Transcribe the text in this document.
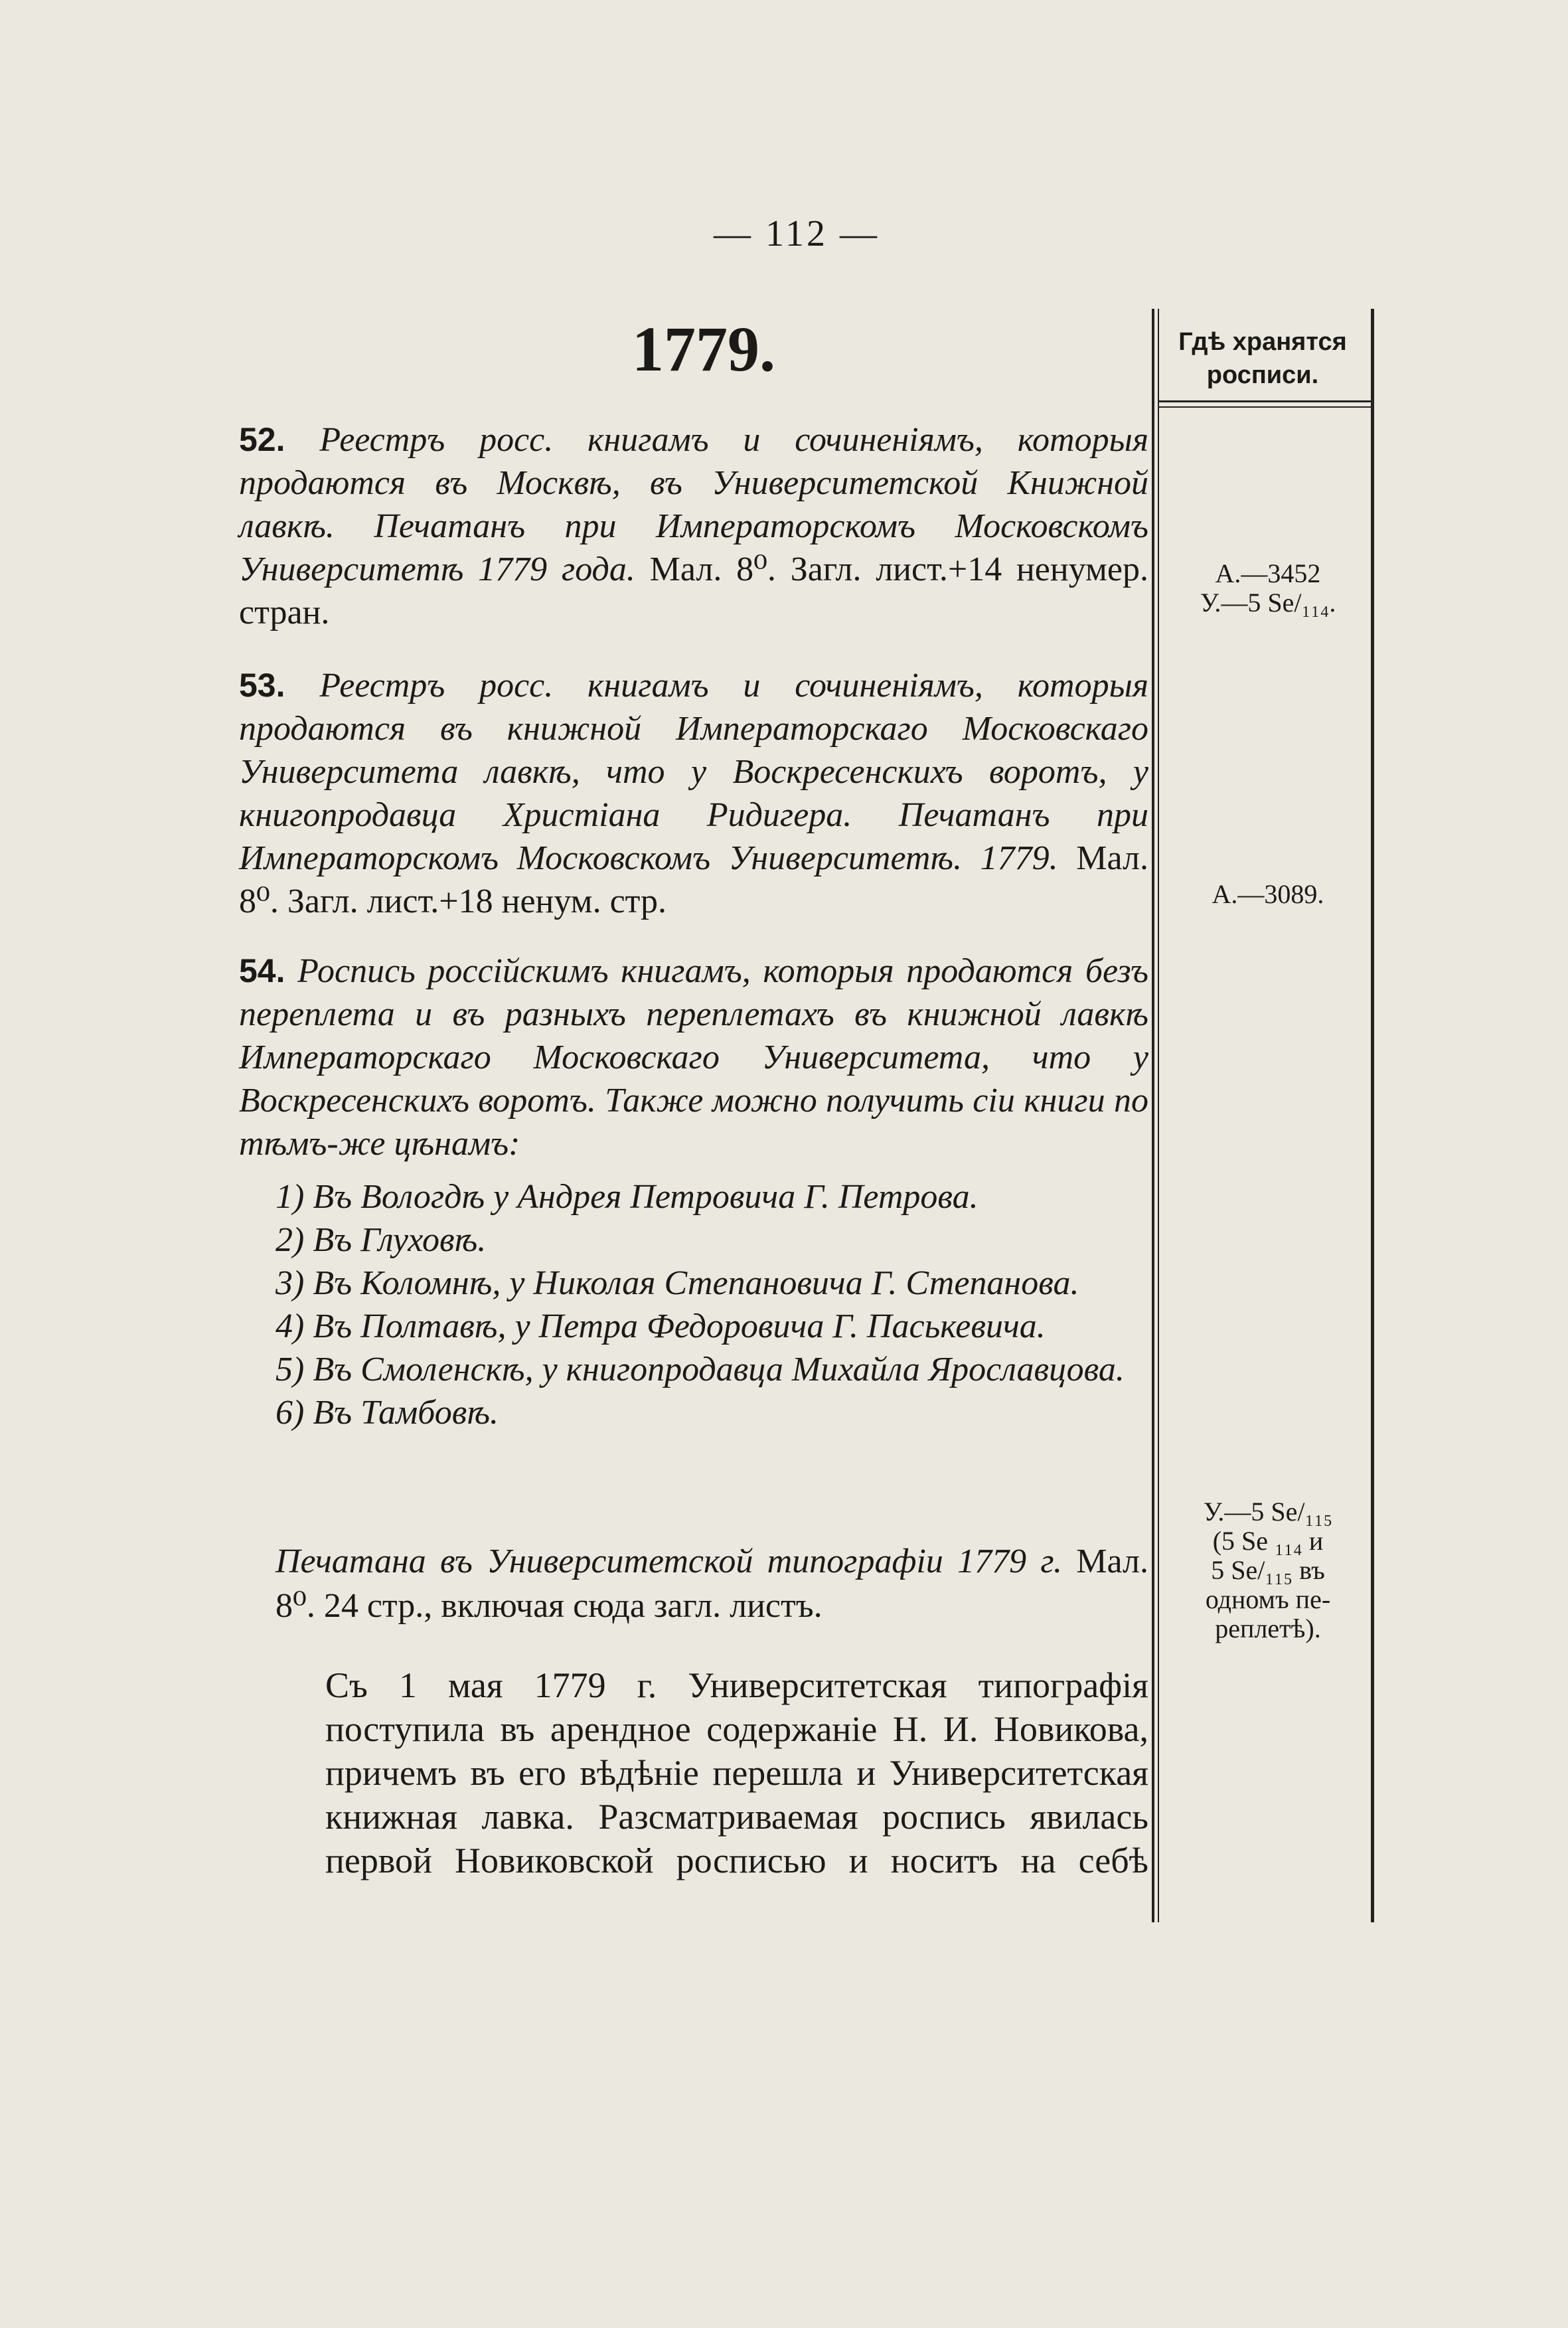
— 112 —
1779.	Гдѣ хранятся
росписи.

52. Реестръ росс. книгамъ и сочиненіямъ, которыя продаются въ Москвѣ, въ Университетской Книжной лавкѣ. Печатанъ при Императорскомъ Московскомъ Университетѣ 1779 года. Мал. 8⁰. Загл. лист.+14 ненумер. стран.

А.—3452
У.—5 Se/₁₁₄.

53. Реестръ росс. книгамъ и сочиненіямъ, которыя продаются въ книжной Императорскаго Московскаго Университета лавкѣ, что у Воскресенскихъ воротъ, у книгопродавца Христіана Ридигера. Печатанъ при Императорскомъ Московскомъ Университетѣ. 1779. Мал. 8⁰. Загл. лист.+18 ненум. стр.	А.—3089.

54. Роспись россійскимъ книгамъ, которыя продаются безъ переплета и въ разныхъ переплетахъ въ книжной лавкѣ Императорскаго Московскаго Университета, что у Воскресенскихъ воротъ. Также можно получить сіи книги по тѣмъ-же цѣнамъ:

1) Въ Вологдѣ у Андрея Петровича Г. Петрова.
2) Въ Глуховѣ.
3) Въ Коломнѣ, у Николая Степановича Г. Степанова.
4) Въ Полтавѣ, у Петра Федоровича Г. Паськевича.
5) Въ Смоленскѣ, у книгопродавца Михайла Ярославцова.
6) Въ Тамбовѣ.
Печатана въ Университетской типографіи 1779 г. Мал. 8⁰. 24 стр., включая сюда загл. листъ.
У.—5 Se/₁₁₅
(5 Se ₁₁₄ и
5 Se/₁₁₅ въ
одномъ пе-
реплетѣ).
Съ 1 мая 1779 г. Университетская типографія поступила въ арендное содержаніе Н. И. Новикова, причемъ въ его вѣдѣніе перешла и Университетская книжная лавка. Разсматриваемая роспись явилась первой Новиковской росписью и носитъ на себѣ
